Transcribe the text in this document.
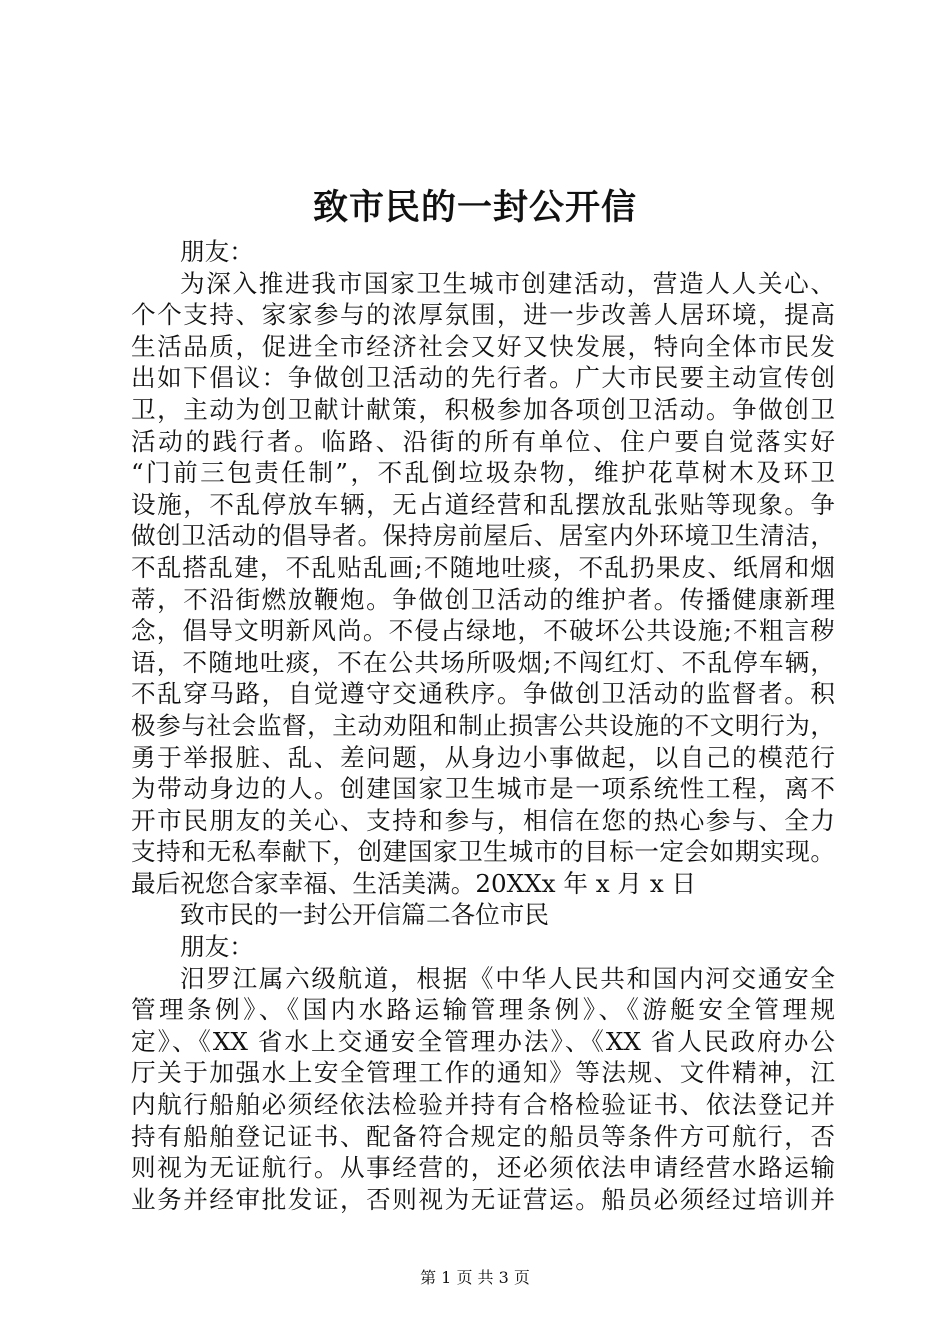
致市民的一封公开信
朋友：
为深入推进我市国家卫生城市创建活动，营造人人关心、
个个支持、家家参与的浓厚氛围，进一步改善人居环境，提高
生活品质，促进全市经济社会又好又快发展，特向全体市民发
出如下倡议：争做创卫活动的先行者。广大市民要主动宣传创
卫，主动为创卫献计献策，积极参加各项创卫活动。争做创卫
活动的践行者。临路、沿街的所有单位、住户要自觉落实好
“门前三包责任制”，不乱倒垃圾杂物，维护花草树木及环卫
设施，不乱停放车辆，无占道经营和乱摆放乱张贴等现象。争
做创卫活动的倡导者。保持房前屋后、居室内外环境卫生清洁，
不乱搭乱建，不乱贴乱画;不随地吐痰，不乱扔果皮、纸屑和烟
蒂，不沿街燃放鞭炮。争做创卫活动的维护者。传播健康新理
念，倡导文明新风尚。不侵占绿地，不破坏公共设施;不粗言秽
语，不随地吐痰，不在公共场所吸烟;不闯红灯、不乱停车辆，
不乱穿马路，自觉遵守交通秩序。争做创卫活动的监督者。积
极参与社会监督，主动劝阻和制止损害公共设施的不文明行为，
勇于举报脏、乱、差问题，从身边小事做起，以自己的模范行
为带动身边的人。创建国家卫生城市是一项系统性工程，离不
开市民朋友的关心、支持和参与，相信在您的热心参与、全力
支持和无私奉献下，创建国家卫生城市的目标一定会如期实现。
最后祝您合家幸福、生活美满。20XXx 年 x 月 x 日
致市民的一封公开信篇二各位市民
朋友：
汨罗江属六级航道，根据《中华人民共和国内河交通安全
管理条例》、《国内水路运输管理条例》、《游艇安全管理规
定》、《XX 省水上交通安全管理办法》、《XX 省人民政府办公
厅关于加强水上安全管理工作的通知》等法规、文件精神，江
内航行船舶必须经依法检验并持有合格检验证书、依法登记并
持有船舶登记证书、配备符合规定的船员等条件方可航行，否
则视为无证航行。从事经营的，还必须依法申请经营水路运输
业务并经审批发证，否则视为无证营运。船员必须经过培训并
第 1 页 共 3 页
